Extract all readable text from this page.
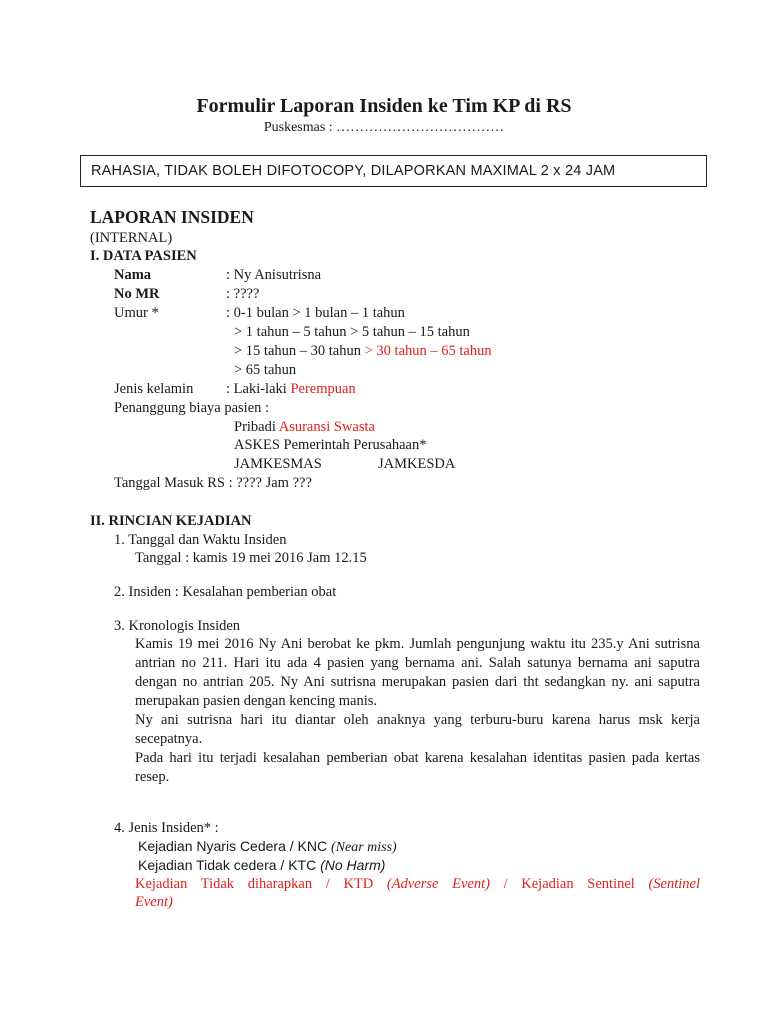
Formulir Laporan Insiden ke Tim KP di RS
Puskesmas : ………………………………
RAHASIA, TIDAK BOLEH DIFOTOCOPY, DILAPORKAN MAXIMAL 2 x 24 JAM
LAPORAN INSIDEN
(INTERNAL)
I. DATA PASIEN
Nama	: Ny Anisutrisna
No MR	: ????
Umur *	: 0-1 bulan > 1 bulan – 1 tahun
> 1 tahun – 5 tahun > 5 tahun – 15 tahun
> 15 tahun – 30 tahun > 30 tahun – 65 tahun
> 65 tahun
Jenis kelamin : Laki-laki Perempuan
Penanggung biaya pasien :
Pribadi Asuransi Swasta
ASKES Pemerintah Perusahaan*
JAMKESMAS	JAMKESDA
Tanggal Masuk RS : ???? Jam ???
II. RINCIAN KEJADIAN
1. Tanggal dan Waktu Insiden
Tanggal : kamis 19 mei 2016 Jam 12.15
2. Insiden : Kesalahan pemberian obat
3. Kronologis Insiden

Kamis 19 mei 2016 Ny Ani berobat ke pkm. Jumlah pengunjung waktu itu 235.y Ani sutrisna antrian no 211. Hari itu ada 4 pasien yang bernama ani. Salah satunya bernama ani saputra dengan no antrian 205. Ny Ani sutrisna merupakan pasien dari tht sedangkan ny. ani saputra merupakan pasien dengan kencing manis.

Ny ani sutrisna hari itu diantar oleh anaknya yang terburu-buru karena harus msk kerja secepatnya.

Pada hari itu terjadi kesalahan pemberian obat karena kesalahan identitas pasien pada kertas resep.

4. Jenis Insiden* :
Kejadian Nyaris Cedera / KNC (Near miss)
Kejadian Tidak cedera / KTC (No Harm)
Kejadian Tidak diharapkan / KTD (Adverse Event) / Kejadian Sentinel (Sentinel
Event)
